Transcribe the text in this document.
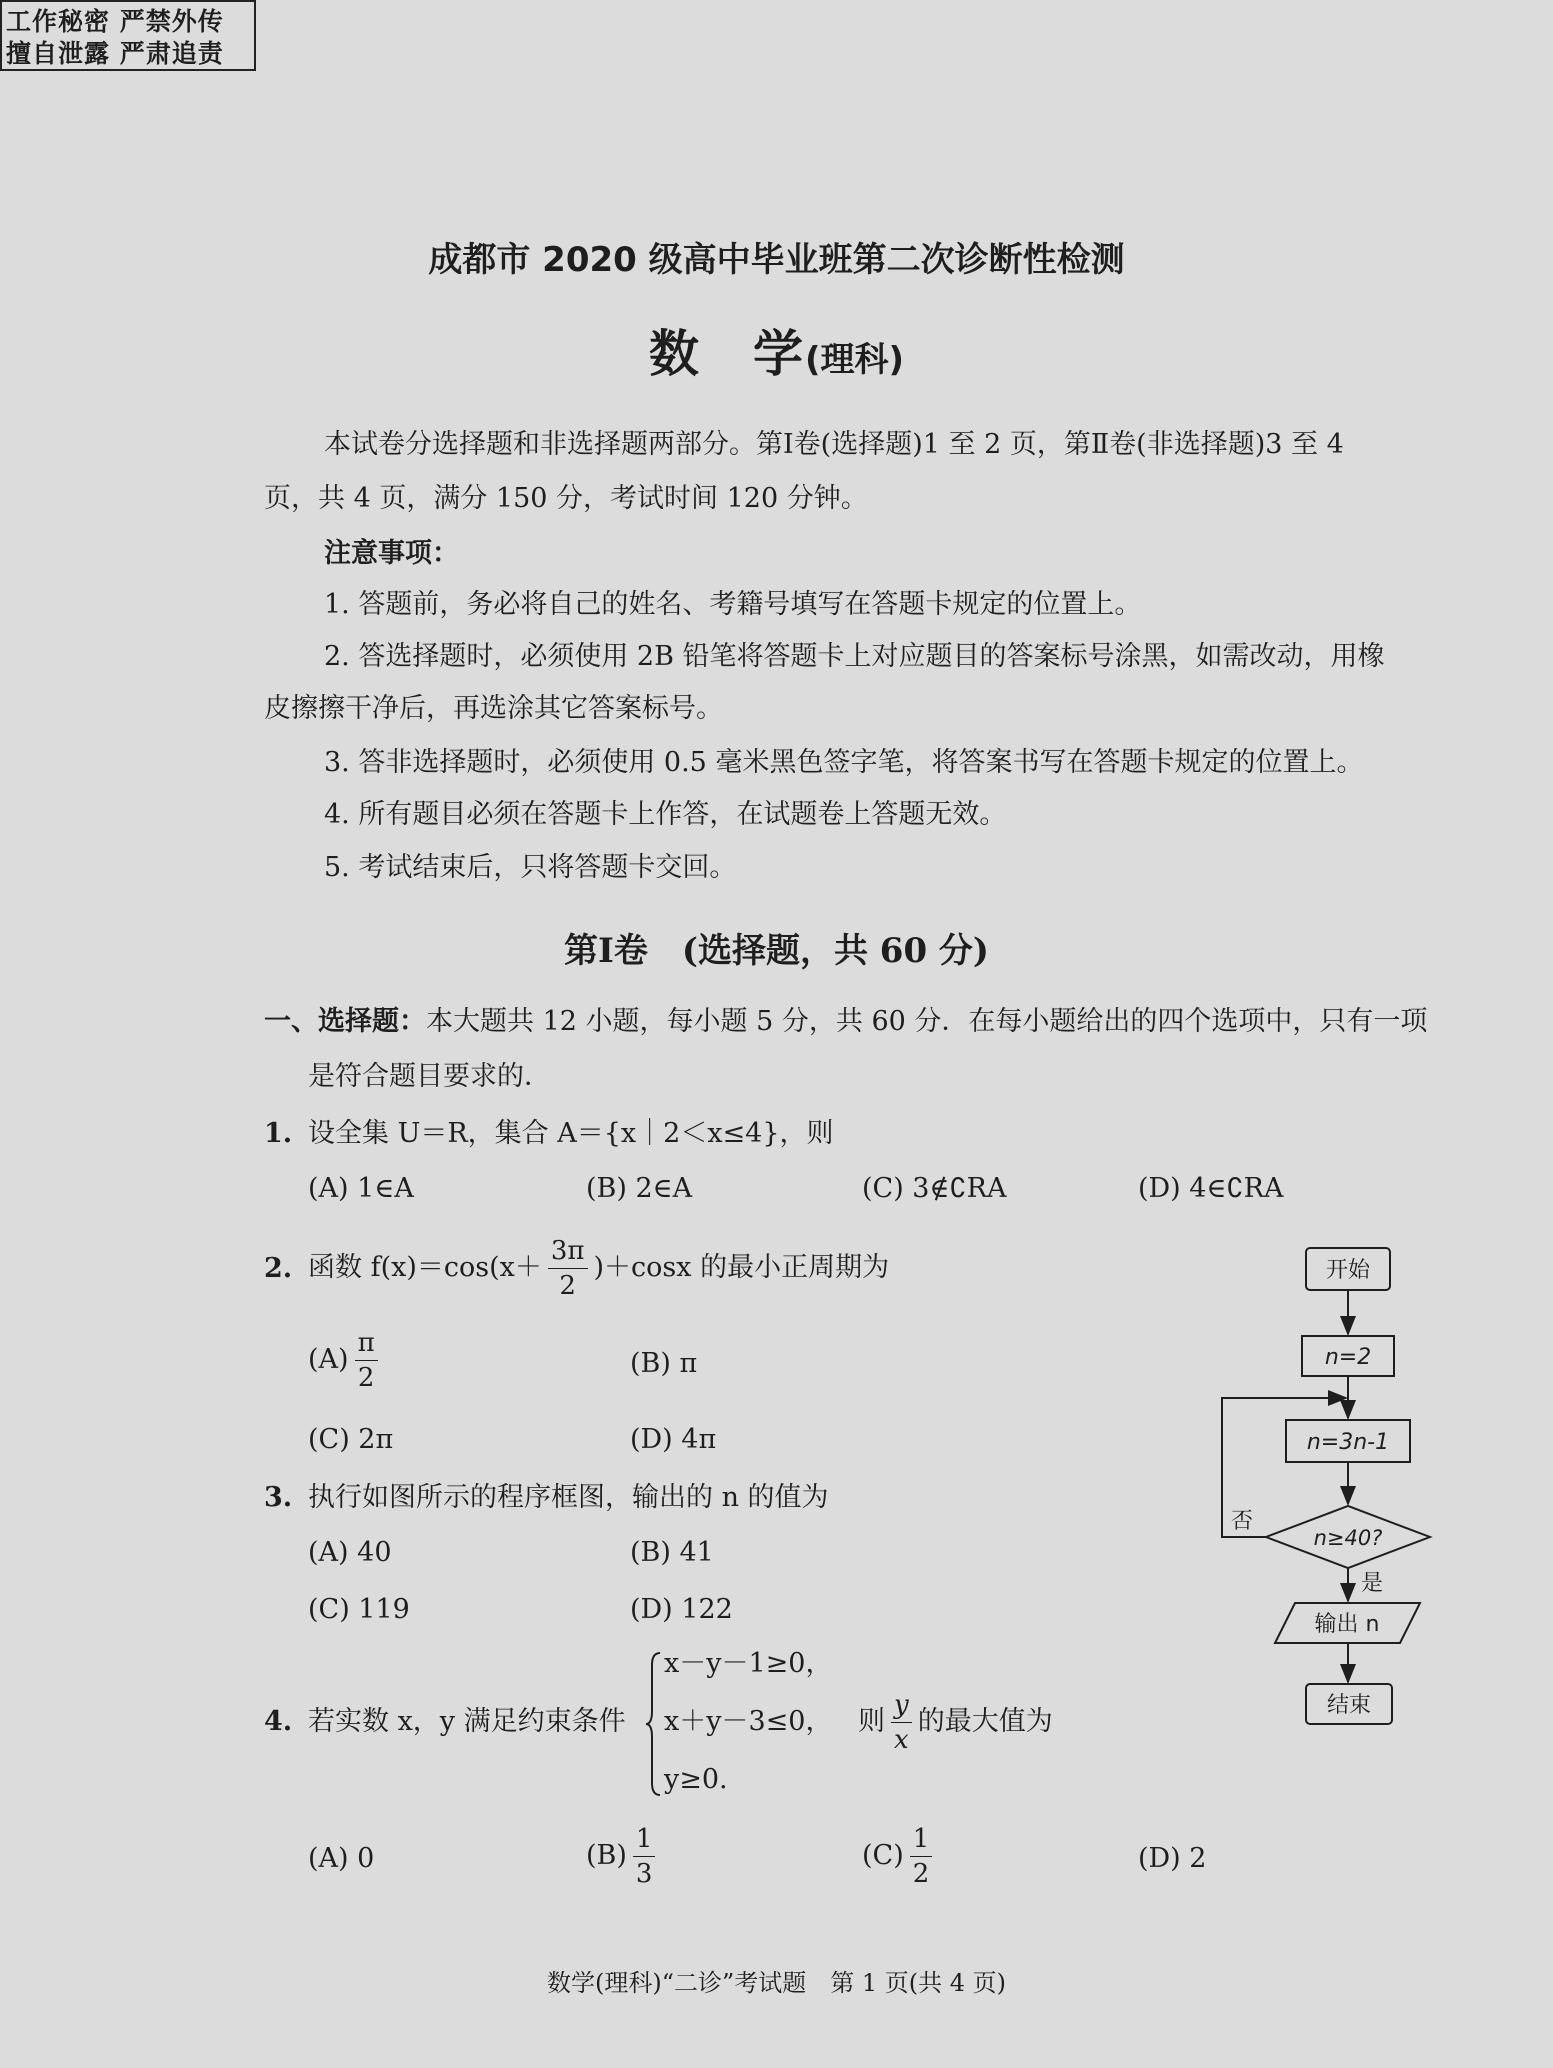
工作秘密 严禁外传
擅自泄露 严肃追责
成都市 2020 级高中毕业班第二次诊断性检测
数　学(理科)
本试卷分选择题和非选择题两部分。第Ⅰ卷(选择题)1 至 2 页，第Ⅱ卷(非选择题)3 至 4
页，共 4 页，满分 150 分，考试时间 120 分钟。
注意事项：
1. 答题前，务必将自己的姓名、考籍号填写在答题卡规定的位置上。
2. 答选择题时，必须使用 2B 铅笔将答题卡上对应题目的答案标号涂黑，如需改动，用橡
皮擦擦干净后，再选涂其它答案标号。
3. 答非选择题时，必须使用 0.5 毫米黑色签字笔，将答案书写在答题卡规定的位置上。
4. 所有题目必须在答题卡上作答，在试题卷上答题无效。
5. 考试结束后，只将答题卡交回。
第Ⅰ卷　(选择题，共 60 分)
一、选择题：本大题共 12 小题，每小题 5 分，共 60 分．在每小题给出的四个选项中，只有一项
是符合题目要求的．
1. 设全集 U＝R，集合 A＝{x｜2＜x≤4}，则
(A) 1∈A	(B) 2∈A	(C) 3∉∁RA	(D) 4∈∁RA
2. 函数 $f(x)=\cos(x+ \frac{3\pi}{2} )+\cos x$ 的最小正周期为
$(A) \frac{\pi}{2}$	(B) π
(C) 2π	(D) 4π
3. 执行如图所示的程序框图，输出的 n 的值为
(A) 40	(B) 41
(C) 119	(D) 122
4. 若实数 x，y 满足约束条件
x－y－1≥0，
x＋y－3≤0，
y≥0.
则 $\frac{y}{x}$ 的最大值为
(A) 0	$(B) \frac{1}{3}$	$(C) \frac{1}{2}$	(D) 2
开始
n=2
n=3n-1
n≥40?
否
是
输出 n
结束
数学(理科)“二诊”考试题　第 1 页(共 4 页)
